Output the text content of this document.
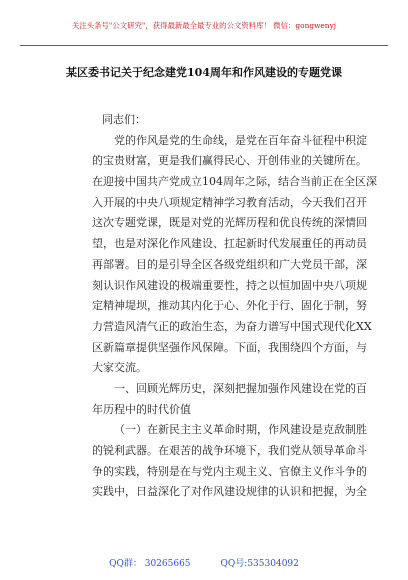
关注头条号"公文研究"，获得最新最全最专业的公文资料库！ 微信：gongwenyj
某区委书记关于纪念建党104周年和作风建设的专题党课
同志们：
党的作风是党的生命线，是党在百年奋斗征程中积淀
的宝贵财富，更是我们赢得民心、开创伟业的关键所在。
在迎接中国共产党成立104周年之际，结合当前正在全区深
入开展的中央八项规定精神学习教育活动，今天我们召开
这次专题党课，既是对党的光辉历程和优良传统的深情回
望，也是对深化作风建设、扛起新时代发展重任的再动员
再部署。目的是引导全区各级党组织和广大党员干部，深
刻认识作风建设的极端重要性，持之以恒加固中央八项规
定精神堤坝，推动其内化于心、外化于行、固化于制，努
力营造风清气正的政治生态，为奋力谱写中国式现代化XX
区新篇章提供坚强作风保障。下面，我围绕四个方面，与
大家交流。
一、回顾光辉历史，深刻把握加强作风建设在党的百
年历程中的时代价值
（一）在新民主主义革命时期，作风建设是克敌制胜
的锐利武器。在艰苦的战争环境下，我们党从领导革命斗
争的实践，特别是在与党内主观主义、官僚主义作斗争的
实践中，日益深化了对作风建设规律的认识和把握，为全
QQ群： 30265665	QQ号:535304092
